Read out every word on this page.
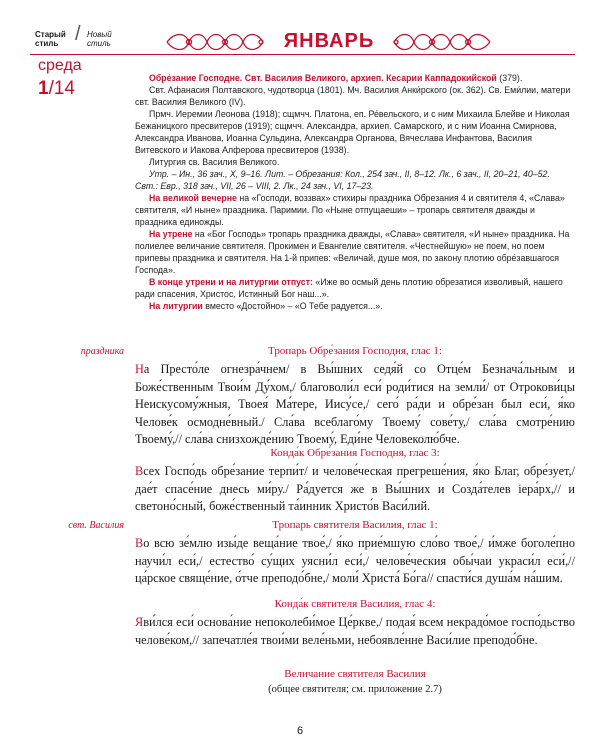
Старый стиль / Новый стиль	ЯНВАРЬ
среда
1/14	Обре́зание Господне. Свт. Василия Великого, архиеп. Кесарии Каппадокийской (379).

Свт. Афанасия Полтавского, чудотворца (1801). Мч. Василия Анки́рского (ок. 362). Св. Еми́лии, матери свт. Василия Великого (IV).

Прмч. Иеремии Леонова (1918); сщмчч. Платона, еп. Ре́вельского, и с ним Михаила Блейве и Николая Бежаницкого пресвитеров (1919); сщмчч. Александра, архиеп. Самарского, и с ним Иоанна Смирнова, Александра Иванова, Иоанна Сульдина, Александра Органова, Вячеслава Инфантова, Василия Витевского и Иакова Алферова пресвитеров (1938).

Литургия св. Василия Великого.

Утр. – Ин., 36 зач., X, 9–16. Лит. – Обрезания: Кол., 254 зач., II, 8–12. Лк., 6 зач., II, 20–21, 40–52. Свт.: Евр., 318 зач., VII, 26 – VIII, 2. Лк., 24 зач., VI, 17–23.

На великой вечерне на «Господи, воззвах» стихиры праздника Обрезания 4 и святителя 4, «Слава» святителя, «И ныне» праздника. Паримии. По «Ныне отпущаеши» – тропарь святителя дважды и праздника единожды.

На утрене на «Бог Господь» тропарь праздника дважды, «Слава» святителя, «И ныне» праздника. На полиелее величание святителя. Прокимен и Евангелие святителя. «Честнейшую» не поем, но поем припевы праздника и святителя. На 1-й припев: «Величай, душе моя, по закону плотию обре́завшагося Господа».

В конце утрени и на литургии отпуст: «Иже во осмый день плотию обрезатися изволивый, нашего ради спасения, Христос, Истинный Бог наш...».

На литургии вместо «Достойно» – «О Тебе радуется...».

праздника
свт. Василия
Тропарь Обре́зания Господня, глас 1:
На Престо́ле огнезра́чнем/ в Вы́шних седя́й со Отце́м Безнача́льным и Боже́ственным Твои́м Ду́хом,/ благоволи́л еси́ роди́тися на земли́/ от Отрокови́цы Неискусому́жныя, Твоея́ Ма́тере, Иису́се,/ сего́ ра́ди и обре́зан был еси́, я́ко Челове́к осмодне́вный./ Сла́ва всеблаго́му Твоему́ сове́ту,/ сла́ва смотре́нию Твоему́,// сла́ва снизхожде́нию Твоему́, Еди́не Человеколю́бче.
Конда́к Обре́зания Господня, глас 3:
Всех Госпо́дь обре́зание терпи́т/ и челове́ческая прегреше́ния, я́ко Благ, обре́зует,/ дае́т спасе́ние днесь ми́ру./ Ра́дуется же в Вы́шних и Созда́телев iера́рх,// и светоно́сный, боже́ственный та́инник Христо́в Васи́лий.
Тропарь святителя Василия, глас 1:
Во всю зе́млю изы́де веща́ние твое́,/ я́ко прие́мшую сло́во твое́,/ и́мже боголе́пно научи́л еси́,/ естество́ су́щих уясни́л еси́,/ челове́ческия обы́чаи украси́л еси́,// ца́рское свяще́ние, о́тче преподо́бне,/ моли́ Христа́ Бо́га// спасти́ся душа́м на́шим.
Конда́к святителя Василия, глас 4:
Яви́лся еси́ основа́ние непоколеби́мое Це́ркве,/ подая́ всем некрадо́мое госпо́дьство челове́ком,// запечатле́я твои́ми веле́ньми, небоявле́нне Васи́лие преподо́бне.
Величание святителя Василия
(общее святителя; см. приложение 2.7)
6
